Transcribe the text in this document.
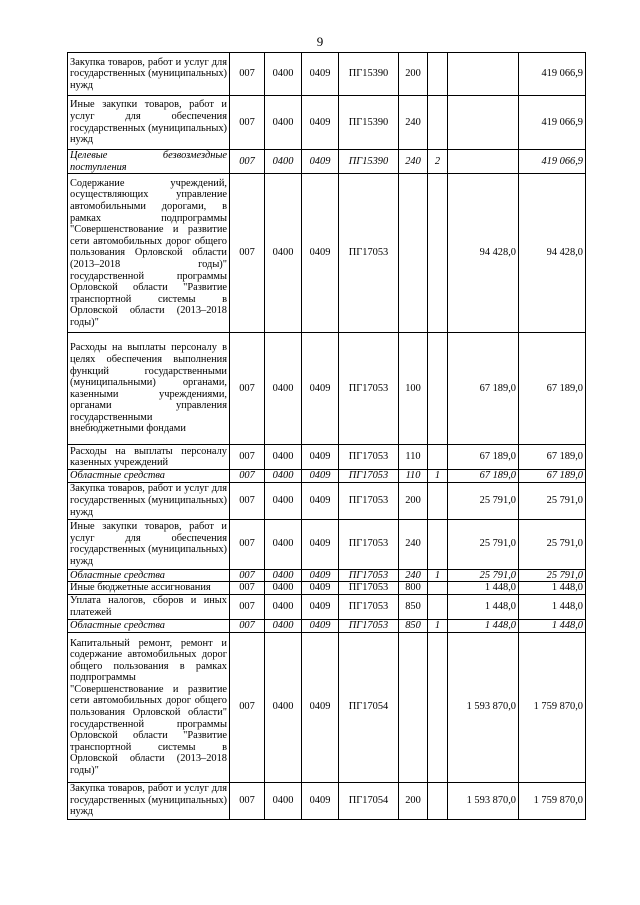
9
Закупка товаров, работ и услуг для государственных (муниципальных) нужд	007	0400	0409	ПГ15390	200			419 066,9
Иные закупки товаров, работ и услуг для обеспечения государственных (муниципальных) нужд	007	0400	0409	ПГ15390	240			419 066,9
Целевые безвозмездные поступления	007	0400	0409	ПГ15390	240	2		419 066,9
Содержание учреждений, осуществляющих управление автомобильными дорогами, в рамках подпрограммы "Совершенствование и развитие сети автомобильных дорог общего пользования Орловской области (2013–2018 годы)" государственной программы Орловской области "Развитие транспортной системы в Орловской области (2013–2018 годы)"	007	0400	0409	ПГ17053			94 428,0	94 428,0
Расходы на выплаты персоналу в целях обеспечения выполнения функций государственными (муниципальными) органами, казенными учреждениями, органами управления государственными внебюджетными фондами	007	0400	0409	ПГ17053	100		67 189,0	67 189,0
Расходы на выплаты персоналу казенных учреждений	007	0400	0409	ПГ17053	110		67 189,0	67 189,0
Областные средства	007	0400	0409	ПГ17053	110	1	67 189,0	67 189,0
Закупка товаров, работ и услуг для государственных (муниципальных) нужд	007	0400	0409	ПГ17053	200		25 791,0	25 791,0
Иные закупки товаров, работ и услуг для обеспечения государственных (муниципальных) нужд	007	0400	0409	ПГ17053	240		25 791,0	25 791,0
Областные средства	007	0400	0409	ПГ17053	240	1	25 791,0	25 791,0
Иные бюджетные ассигнования	007	0400	0409	ПГ17053	800		1 448,0	1 448,0
Уплата налогов, сборов и иных платежей	007	0400	0409	ПГ17053	850		1 448,0	1 448,0
Областные средства	007	0400	0409	ПГ17053	850	1	1 448,0	1 448,0
Капитальный ремонт, ремонт и содержание автомобильных дорог общего пользования в рамках подпрограммы "Совершенствование и развитие сети автомобильных дорог общего пользования Орловской области" государственной программы Орловской области "Развитие транспортной системы в Орловской области (2013–2018 годы)"	007	0400	0409	ПГ17054			1 593 870,0	1 759 870,0
Закупка товаров, работ и услуг для государственных (муниципальных) нужд	007	0400	0409	ПГ17054	200		1 593 870,0	1 759 870,0
